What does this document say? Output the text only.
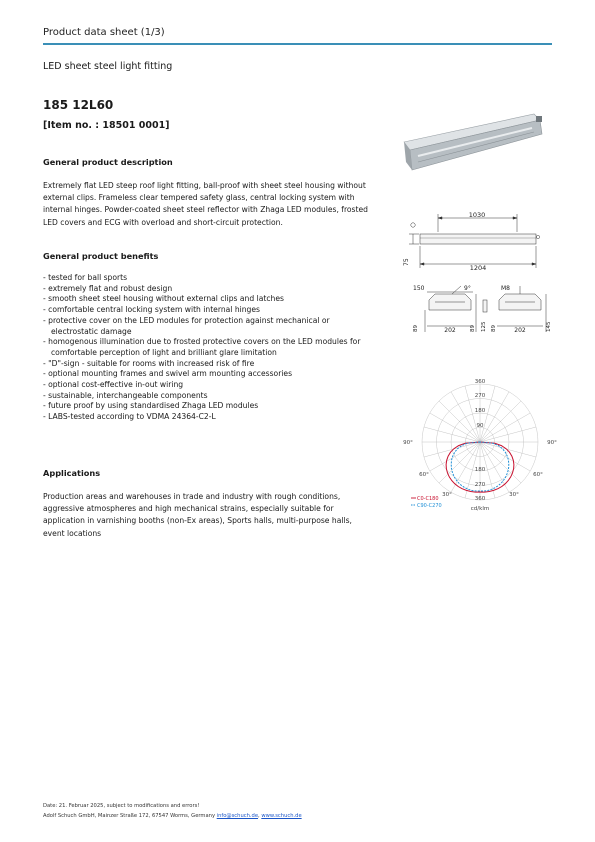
Product data sheet (1/3)
LED sheet steel light fitting
185 12L60
[Item no. : 18501 0001]
General product description
Extremely flat LED steep roof light fitting, ball-proof with sheet steel housing without external clips. Frameless clear tempered safety glass, central locking system with internal hinges. Powder-coated sheet steel reflector with Zhaga LED modules, frosted LED covers and ECG with overload and short-circuit protection.
General product benefits
- tested for ball sports
- extremely flat and robust design
- smooth sheet steel housing without external clips and latches
- comfortable central locking system with internal hinges
- protective cover on the LED modules for protection against mechanical or electrostatic damage
- homogenous illumination due to frosted protective covers on the LED modules for comfortable perception of light and brilliant glare limitation
- "D"-sign - suitable for rooms with increased risk of fire
- optional mounting frames and swivel arm mounting accessories
- optional cost-effective in-out wiring
- sustainable, interchangeable components
- future proof by using standardised Zhaga LED modules
- LABS-tested according to VDMA 24364-C2-L
Applications
Production areas and warehouses in trade and industry with rough conditions, aggressive atmospheres and high mechanical strains, especially suitable for application in varnishing booths (non-Ex areas), Sports halls, multi-purpose halls, event locations
1030
1204
75
150	9°
89	202	89 125
M8
202	145
89
360
270
180
90
180
270
360
90°
60°
30°
90°
60°
30°
cd/klm
C0-C180
C90-C270
Date: 21. Februar 2025, subject to modifications and errors!
Adolf Schuch GmbH, Mainzer Straße 172, 67547 Worms, Germany info@schuch.de, www.schuch.de
